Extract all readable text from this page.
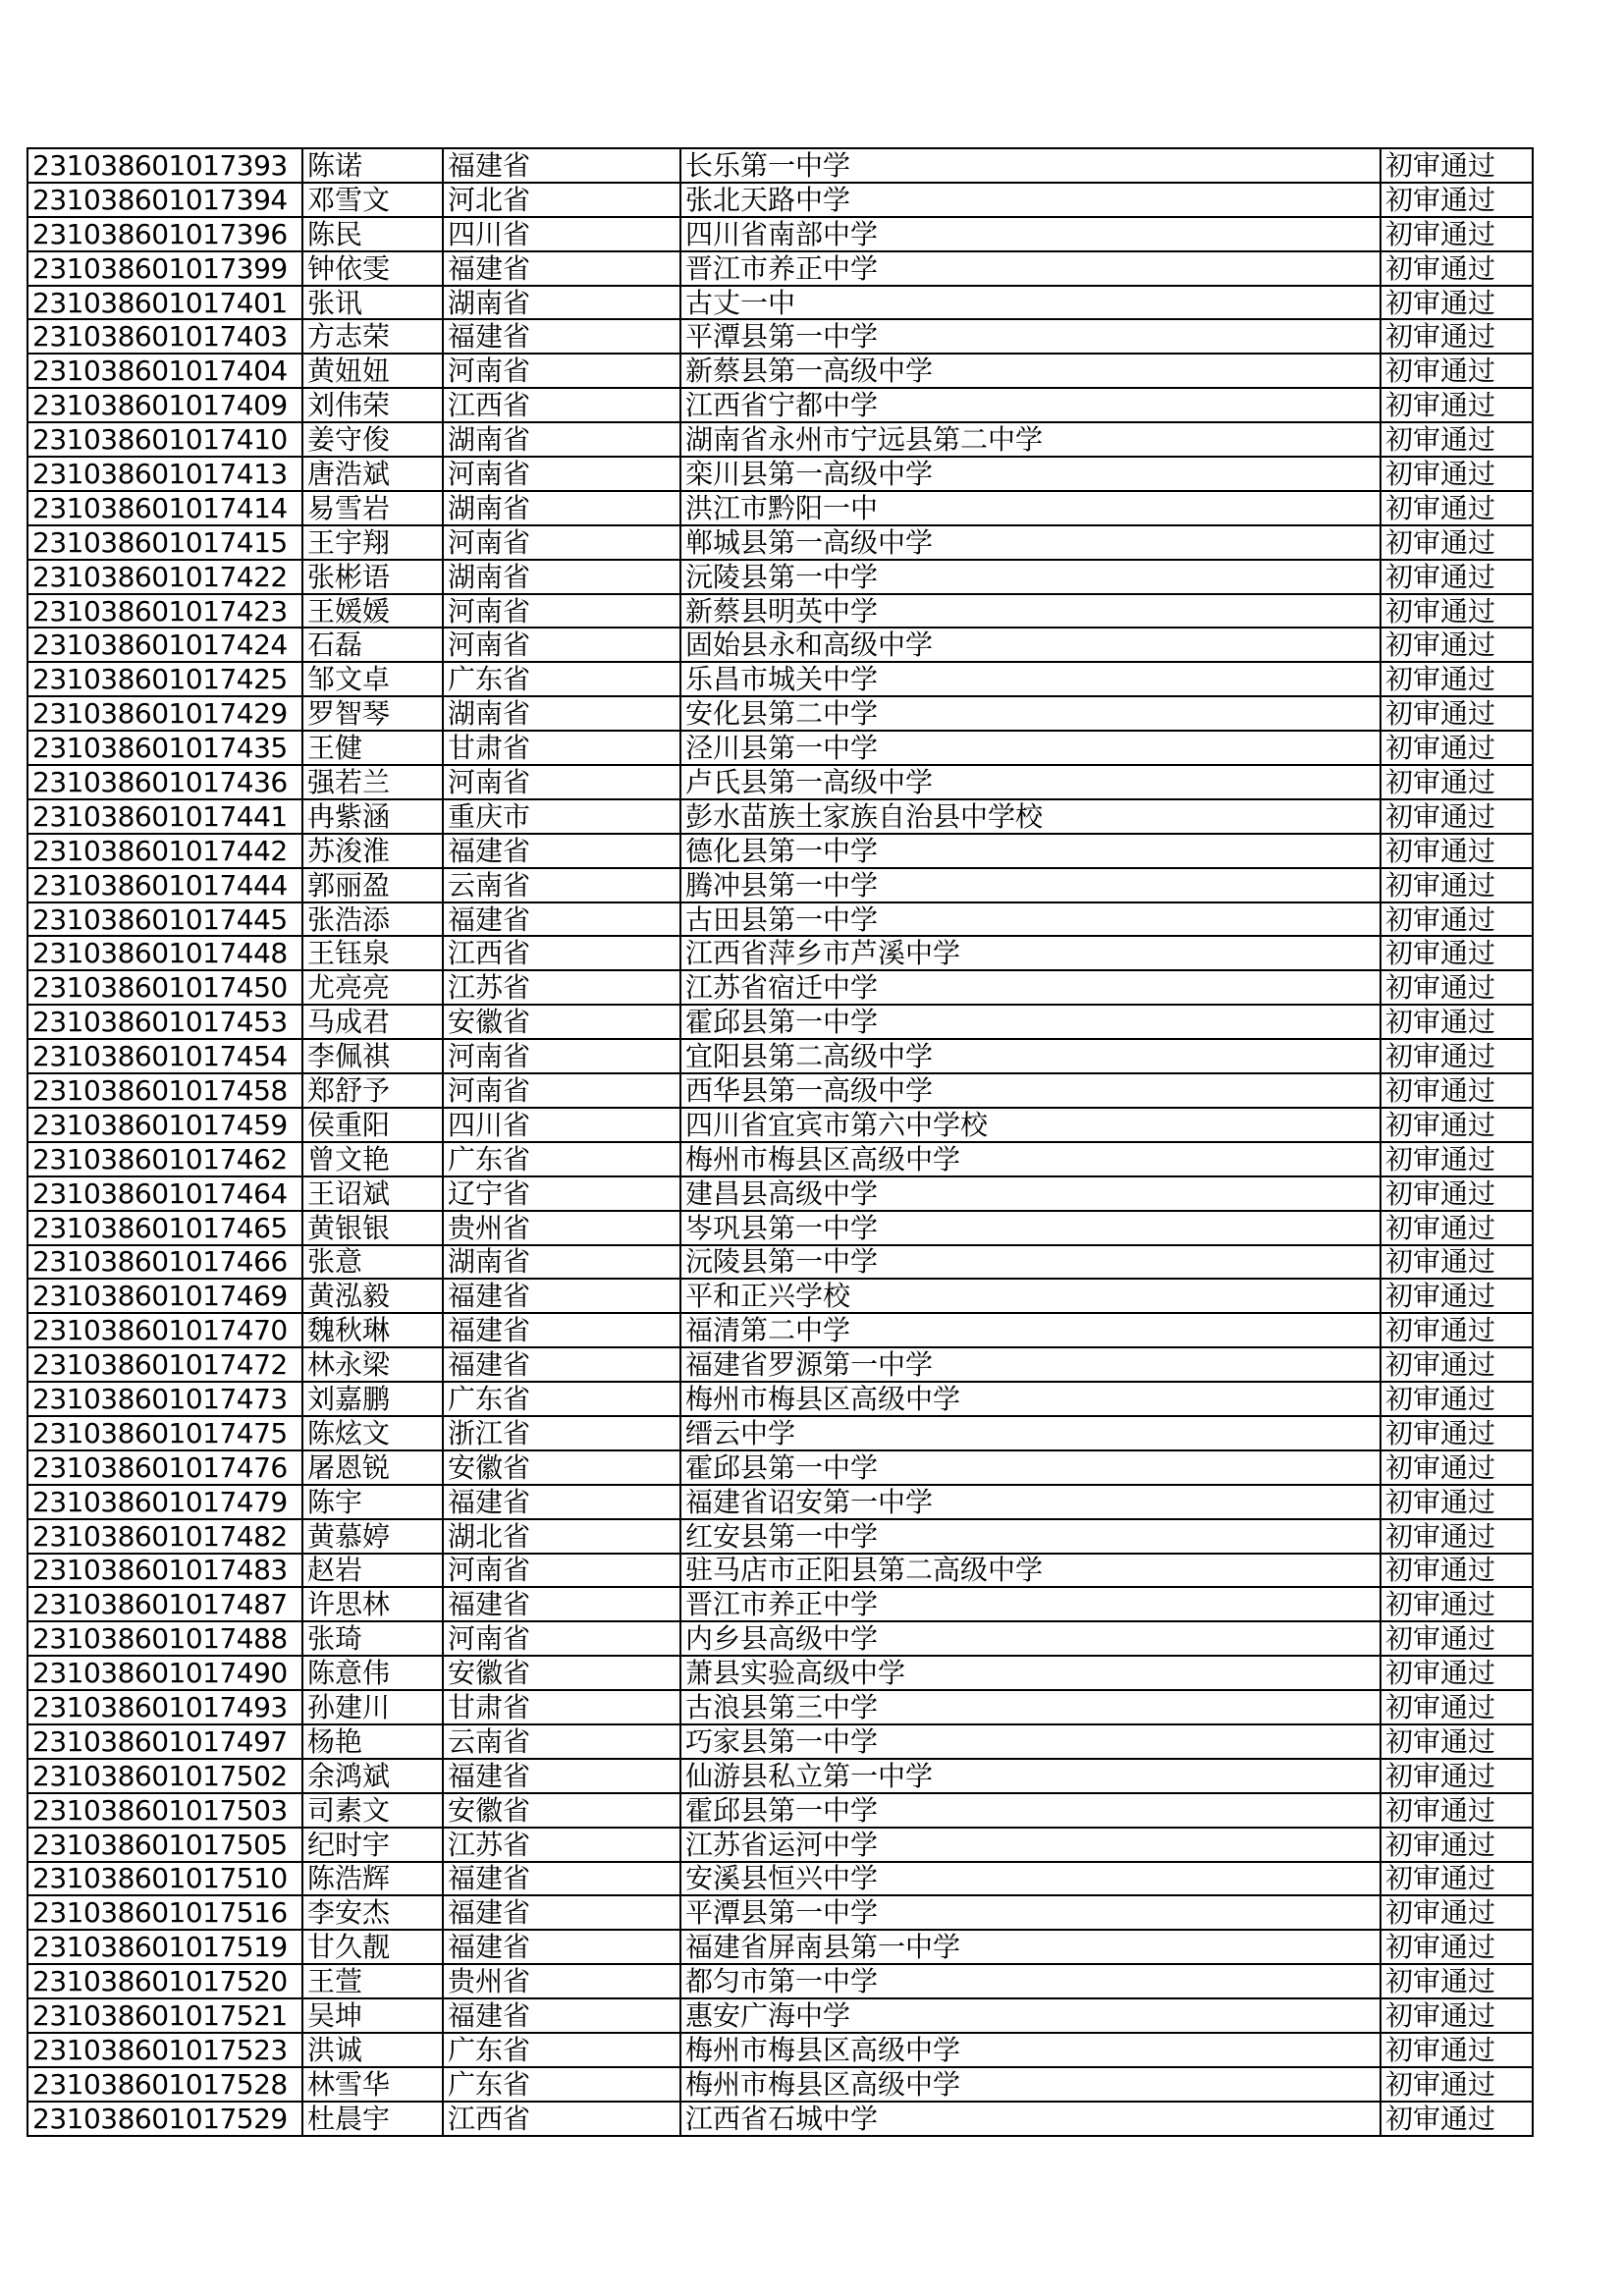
231038601017393	陈诺	福建省	长乐第一中学	初审通过
231038601017394	邓雪文	河北省	张北天路中学	初审通过
231038601017396	陈民	四川省	四川省南部中学	初审通过
231038601017399	钟依雯	福建省	晋江市养正中学	初审通过
231038601017401	张讯	湖南省	古丈一中	初审通过
231038601017403	方志荣	福建省	平潭县第一中学	初审通过
231038601017404	黄妞妞	河南省	新蔡县第一高级中学	初审通过
231038601017409	刘伟荣	江西省	江西省宁都中学	初审通过
231038601017410	姜守俊	湖南省	湖南省永州市宁远县第二中学	初审通过
231038601017413	唐浩斌	河南省	栾川县第一高级中学	初审通过
231038601017414	易雪岩	湖南省	洪江市黔阳一中	初审通过
231038601017415	王宇翔	河南省	郸城县第一高级中学	初审通过
231038601017422	张彬语	湖南省	沅陵县第一中学	初审通过
231038601017423	王媛媛	河南省	新蔡县明英中学	初审通过
231038601017424	石磊	河南省	固始县永和高级中学	初审通过
231038601017425	邹文卓	广东省	乐昌市城关中学	初审通过
231038601017429	罗智琴	湖南省	安化县第二中学	初审通过
231038601017435	王健	甘肃省	泾川县第一中学	初审通过
231038601017436	强若兰	河南省	卢氏县第一高级中学	初审通过
231038601017441	冉紫涵	重庆市	彭水苗族土家族自治县中学校	初审通过
231038601017442	苏浚淮	福建省	德化县第一中学	初审通过
231038601017444	郭丽盈	云南省	腾冲县第一中学	初审通过
231038601017445	张浩添	福建省	古田县第一中学	初审通过
231038601017448	王钰泉	江西省	江西省萍乡市芦溪中学	初审通过
231038601017450	尤亮亮	江苏省	江苏省宿迁中学	初审通过
231038601017453	马成君	安徽省	霍邱县第一中学	初审通过
231038601017454	李佩祺	河南省	宜阳县第二高级中学	初审通过
231038601017458	郑舒予	河南省	西华县第一高级中学	初审通过
231038601017459	侯重阳	四川省	四川省宜宾市第六中学校	初审通过
231038601017462	曾文艳	广东省	梅州市梅县区高级中学	初审通过
231038601017464	王诏斌	辽宁省	建昌县高级中学	初审通过
231038601017465	黄银银	贵州省	岑巩县第一中学	初审通过
231038601017466	张意	湖南省	沅陵县第一中学	初审通过
231038601017469	黄泓毅	福建省	平和正兴学校	初审通过
231038601017470	魏秋琳	福建省	福清第二中学	初审通过
231038601017472	林永梁	福建省	福建省罗源第一中学	初审通过
231038601017473	刘嘉鹏	广东省	梅州市梅县区高级中学	初审通过
231038601017475	陈炫文	浙江省	缙云中学	初审通过
231038601017476	屠恩锐	安徽省	霍邱县第一中学	初审通过
231038601017479	陈宇	福建省	福建省诏安第一中学	初审通过
231038601017482	黄慕婷	湖北省	红安县第一中学	初审通过
231038601017483	赵岩	河南省	驻马店市正阳县第二高级中学	初审通过
231038601017487	许思林	福建省	晋江市养正中学	初审通过
231038601017488	张琦	河南省	内乡县高级中学	初审通过
231038601017490	陈意伟	安徽省	萧县实验高级中学	初审通过
231038601017493	孙建川	甘肃省	古浪县第三中学	初审通过
231038601017497	杨艳	云南省	巧家县第一中学	初审通过
231038601017502	余鸿斌	福建省	仙游县私立第一中学	初审通过
231038601017503	司素文	安徽省	霍邱县第一中学	初审通过
231038601017505	纪时宇	江苏省	江苏省运河中学	初审通过
231038601017510	陈浩辉	福建省	安溪县恒兴中学	初审通过
231038601017516	李安杰	福建省	平潭县第一中学	初审通过
231038601017519	甘久靓	福建省	福建省屏南县第一中学	初审通过
231038601017520	王萱	贵州省	都匀市第一中学	初审通过
231038601017521	吴坤	福建省	惠安广海中学	初审通过
231038601017523	洪诚	广东省	梅州市梅县区高级中学	初审通过
231038601017528	林雪华	广东省	梅州市梅县区高级中学	初审通过
231038601017529	杜晨宇	江西省	江西省石城中学	初审通过
